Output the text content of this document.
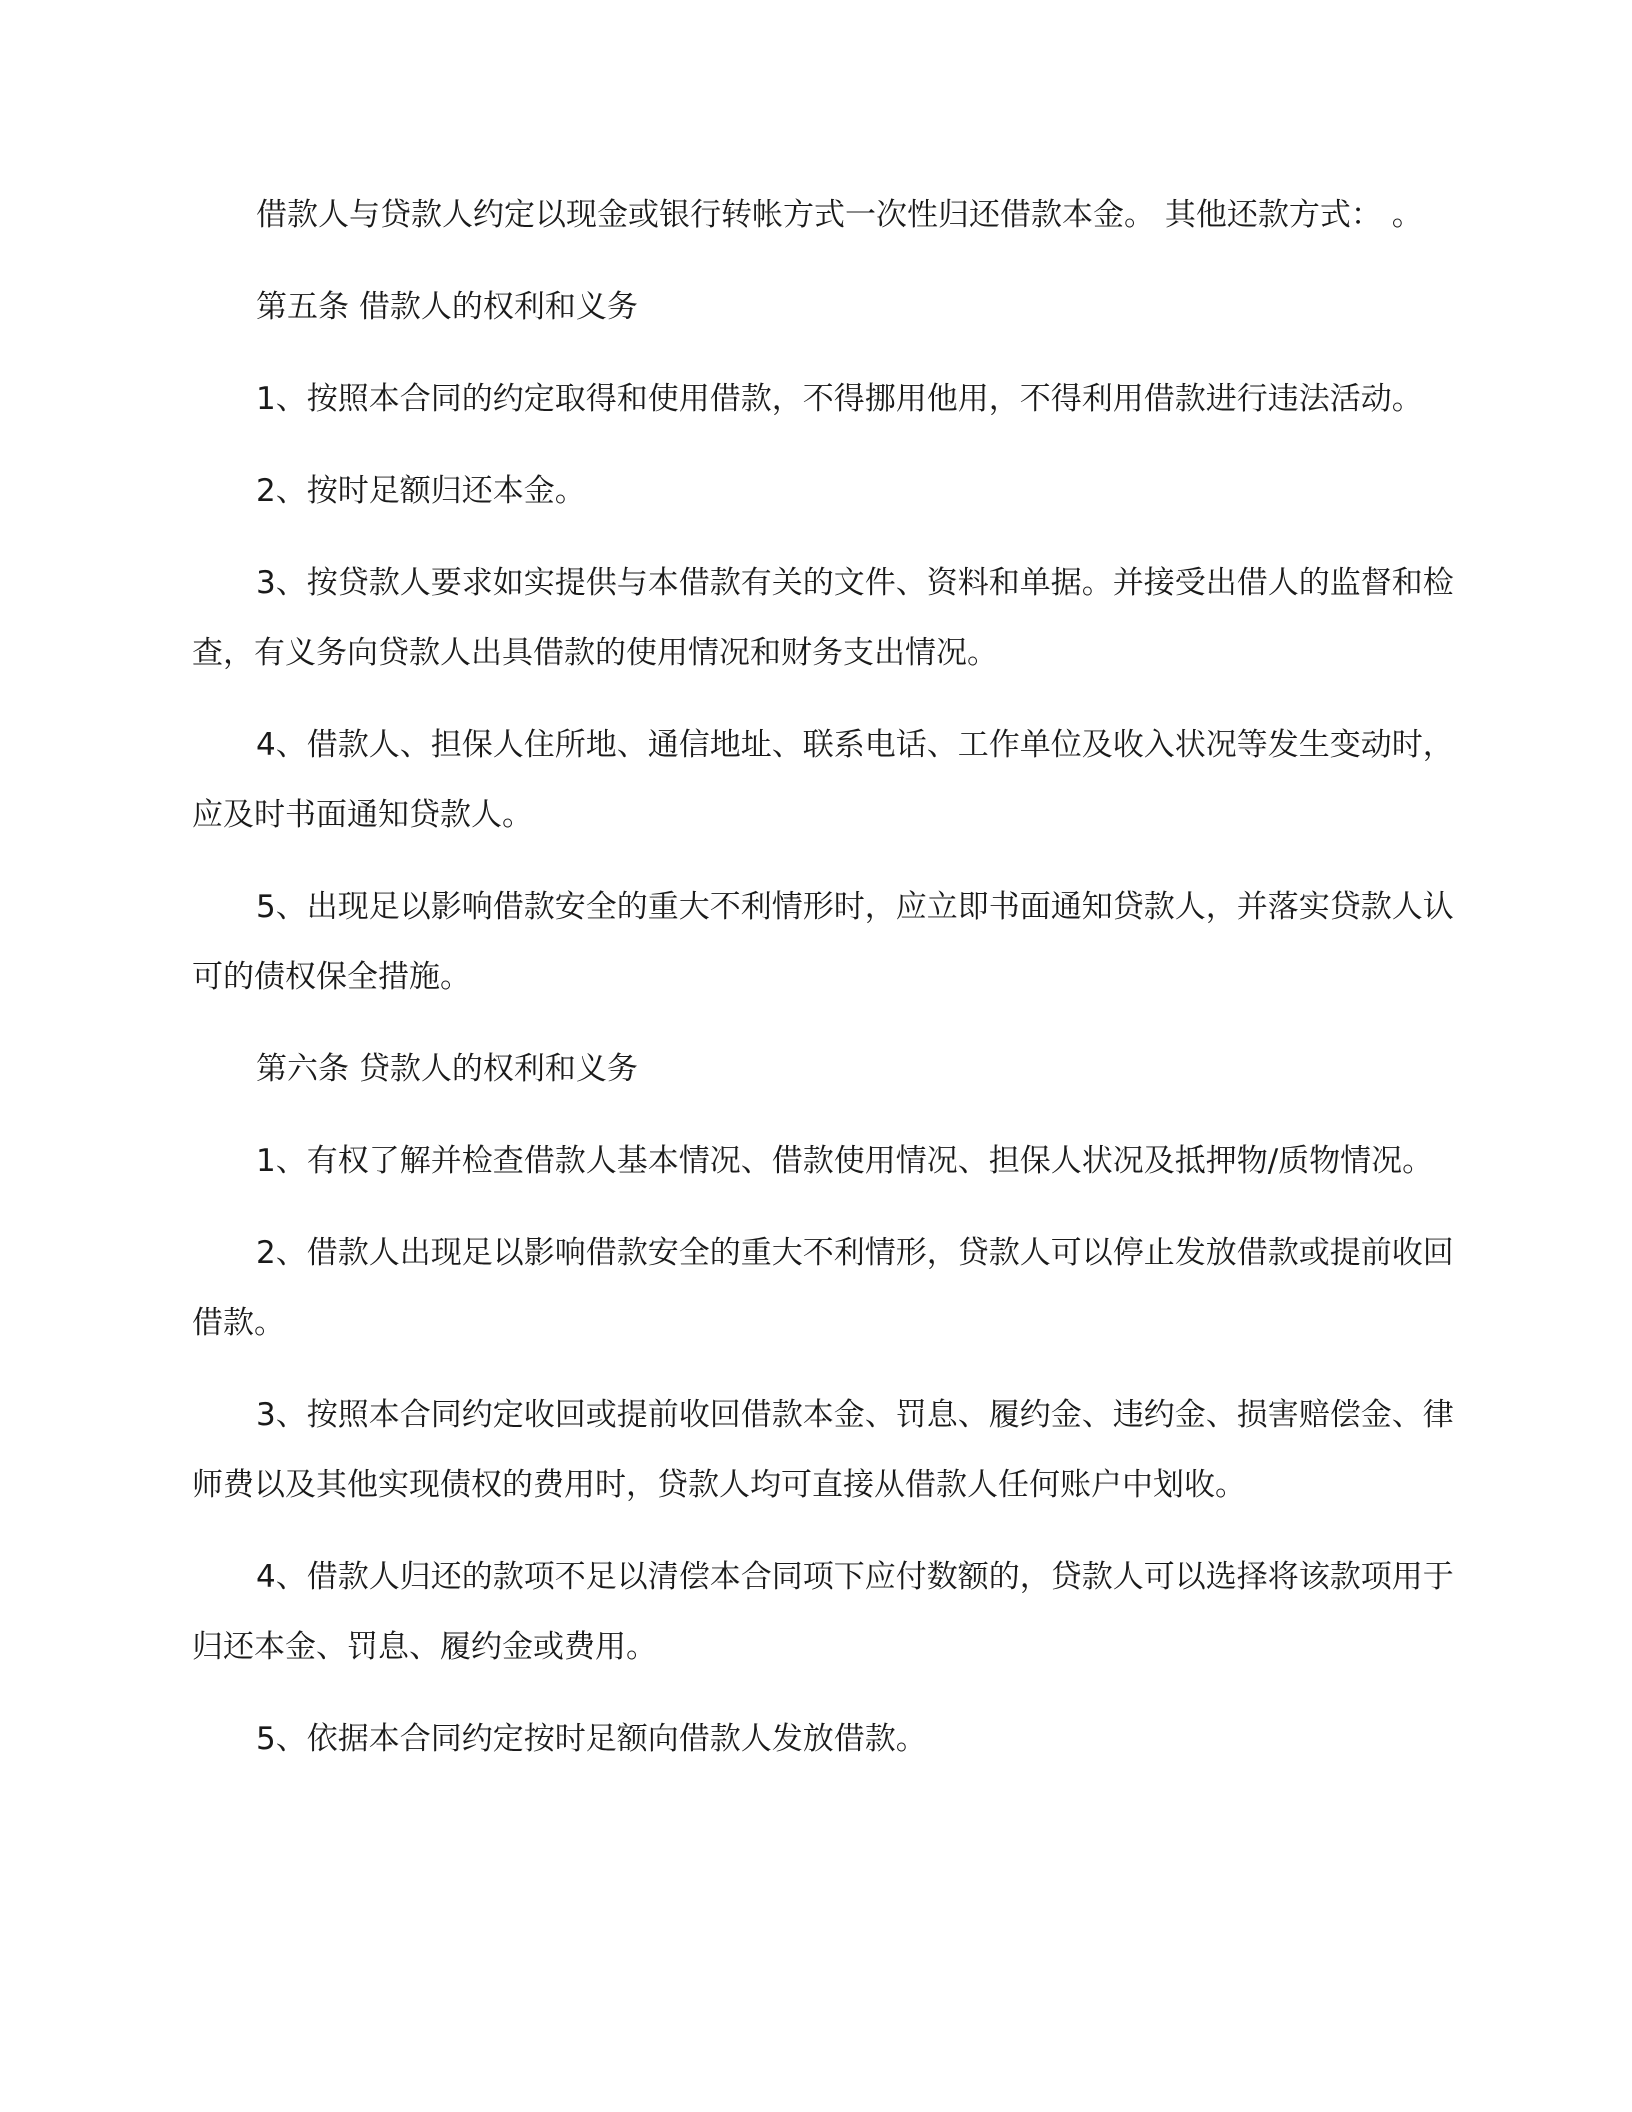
借款人与贷款人约定以现金或银行转帐方式一次性归还借款本金。 其他还款方式： 。

第五条 借款人的权利和义务

1、按照本合同的约定取得和使用借款，不得挪用他用，不得利用借款进行违法活动。

2、按时足额归还本金。

3、按贷款人要求如实提供与本借款有关的文件、资料和单据。并接受出借人的监督和检查，有义务向贷款人出具借款的使用情况和财务支出情况。

4、借款人、担保人住所地、通信地址、联系电话、工作单位及收入状况等发生变动时，应及时书面通知贷款人。

5、出现足以影响借款安全的重大不利情形时，应立即书面通知贷款人，并落实贷款人认可的债权保全措施。

第六条 贷款人的权利和义务

1、有权了解并检查借款人基本情况、借款使用情况、担保人状况及抵押物/质物情况。

2、借款人出现足以影响借款安全的重大不利情形，贷款人可以停止发放借款或提前收回借款。

3、按照本合同约定收回或提前收回借款本金、罚息、履约金、违约金、损害赔偿金、律师费以及其他实现债权的费用时，贷款人均可直接从借款人任何账户中划收。

4、借款人归还的款项不足以清偿本合同项下应付数额的，贷款人可以选择将该款项用于归还本金、罚息、履约金或费用。

5、依据本合同约定按时足额向借款人发放借款。
